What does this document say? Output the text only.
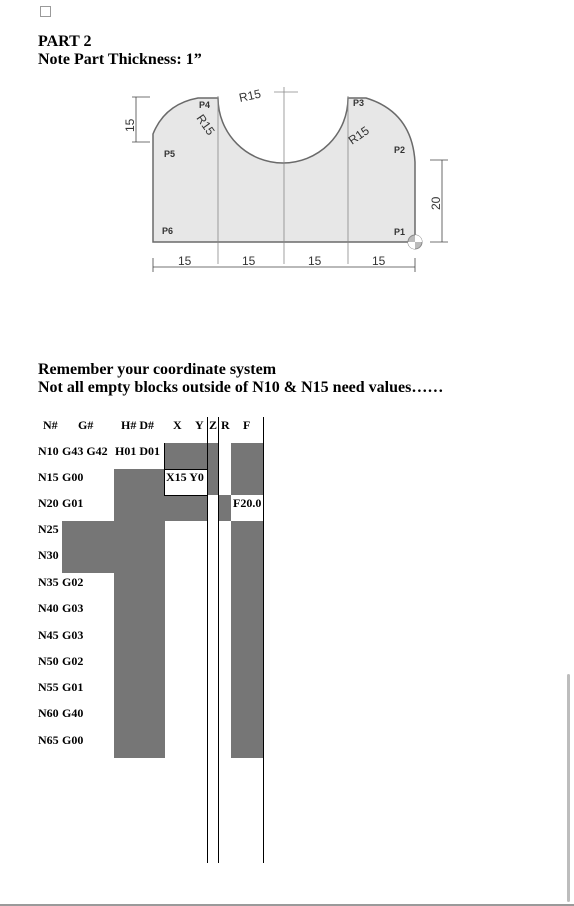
PART 2
Note Part Thickness: 1”
P4	P3
P5	P2
P6	P1
R15
R15	R15
15
20
15	15	15	15
Remember your coordinate system
Not all empty blocks outside of N10 & N15 need values……
N# G# H# D# X Y Z R F
N10 G43 G42 H01 D01
N15 G00	X15 Y0
N20 G01	F20.0
N25
N30
N35 G02
N40 G03
N45 G03
N50 G02
N55 G01
N60 G40
N65 G00
